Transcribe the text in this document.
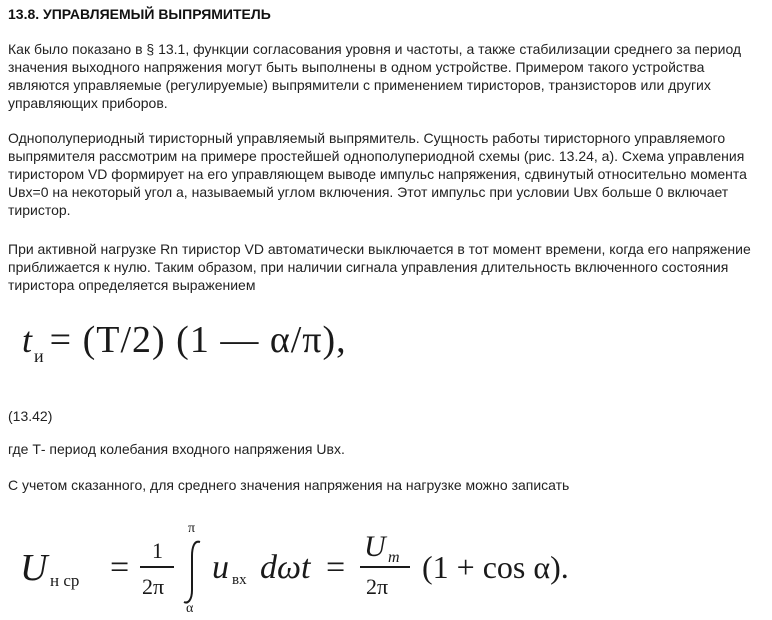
13.8. УПРАВЛЯЕМЫЙ ВЫПРЯМИТЕЛЬ
Как было показано в § 13.1, функции согласования уровня и частоты, а также стабилизации среднего за период
значения выходного напряжения могут быть выполнены в одном устройстве. Примером такого устройства
являются управляемые (регулируемые) выпрямители с применением тиристоров, транзисторов или других
управляющих приборов.
Однополупериодный тиристорный управляемый выпрямитель. Сущность работы тиристорного управляемого
выпрямителя рассмотрим на примере простейшей однополупериодной схемы (рис. 13.24, а). Схема управления
тиристором VD формирует на его управляющем выводе импульс напряжения, сдвинутый относительно момента
Uвх=0 на некоторый угол а, называемый углом включения. Этот импульс при условии Uвх больше 0 включает
тиристор.
При активной нагрузке Rn тиристор VD автоматически выключается в тот момент времени, когда его напряжение
приближается к нулю. Таким образом, при наличии сигнала управления длительность включенного состояния
тиристора определяется выражением
tи = (T/2) (1 — α/π),
(13.42)
где Т- период колебания входного напряжения Uвх.
С учетом сказанного, для среднего значения напряжения на нагрузке можно записать
U н ср = 1
2π
π
α
u вх dωt =
U m
2π
(1 + cos α).
